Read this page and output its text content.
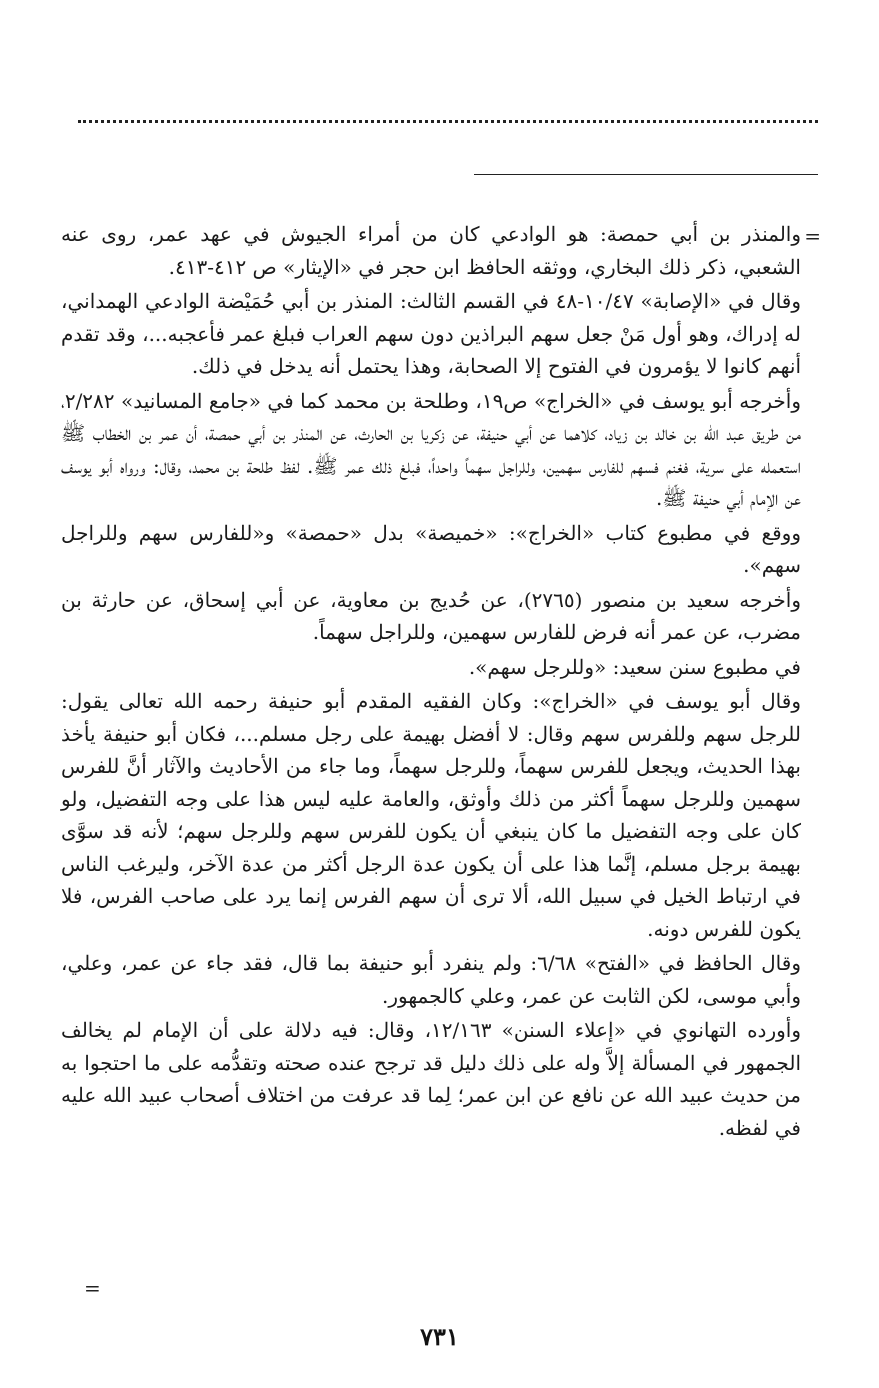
=

والمنذر بن أبي حمصة: هو الوادعي كان من أمراء الجيوش في عهد عمر، روى عنه الشعبي، ذكر ذلك البخاري، ووثقه الحافظ ابن حجر في «الإيثار» ص ٤١٢-٤١٣.

وقال في «الإصابة» ١٠/٤٧-٤٨ في القسم الثالث: المنذر بن أبي حُمَيْضة الوادعي الهمداني، له إدراك، وهو أول مَنْ جعل سهم البراذين دون سهم العراب فبلغ عمر فأعجبه...، وقد تقدم أنهم كانوا لا يؤمرون في الفتوح إلا الصحابة، وهذا يحتمل أنه يدخل في ذلك.

وأخرجه أبو يوسف في «الخراج» ص١٩، وطلحة بن محمد كما في «جامع المسانيد» ٢/٢٨٢، من طريق عبد الله بن خالد بن زياد، كلاهما عن أبي حنيفة، عن زكريا بن الحارث، عن المنذر بن أبي حمصة، أن عمر بن الخطاب ﷺ استعمله على سرية، فغنم فسهم للفارس سهمين، وللراجل سهماً واحداً، فبلغ ذلك عمر ﷺ. لفظ طلحة بن محمد، وقال: ورواه أبو يوسف عن الإمام أبي حنيفة ﷺ.

ووقع في مطبوع كتاب «الخراج»: «خميصة» بدل «حمصة» و«للفارس سهم وللراجل سهم».

وأخرجه سعيد بن منصور (٢٧٦٥)، عن حُديج بن معاوية، عن أبي إسحاق، عن حارثة بن مضرب، عن عمر أنه فرض للفارس سهمين، وللراجل سهماً.

في مطبوع سنن سعيد: «وللرجل سهم».

وقال أبو يوسف في «الخراج»: وكان الفقيه المقدم أبو حنيفة رحمه الله تعالى يقول: للرجل سهم وللفرس سهم وقال: لا أفضل بهيمة على رجل مسلم...، فكان أبو حنيفة يأخذ بهذا الحديث، ويجعل للفرس سهماً، وللرجل سهماً، وما جاء من الأحاديث والآثار أنَّ للفرس سهمين وللرجل سهماً أكثر من ذلك وأوثق، والعامة عليه ليس هذا على وجه التفضيل، ولو كان على وجه التفضيل ما كان ينبغي أن يكون للفرس سهم وللرجل سهم؛ لأنه قد سوَّى بهيمة برجل مسلم، إنَّما هذا على أن يكون عدة الرجل أكثر من عدة الآخر، وليرغب الناس في ارتباط الخيل في سبيل الله، ألا ترى أن سهم الفرس إنما يرد على صاحب الفرس، فلا يكون للفرس دونه.

وقال الحافظ في «الفتح» ٦/٦٨: ولم ينفرد أبو حنيفة بما قال، فقد جاء عن عمر، وعلي، وأبي موسى، لكن الثابت عن عمر، وعلي كالجمهور.

وأورده التهانوي في «إعلاء السنن» ١٢/١٦٣، وقال: فيه دلالة على أن الإمام لم يخالف الجمهور في المسألة إلاَّ وله على ذلك دليل قد ترجح عنده صحته وتقدُّمه على ما احتجوا به من حديث عبيد الله عن نافع عن ابن عمر؛ لِما قد عرفت من اختلاف أصحاب عبيد الله عليه في لفظه.

=
٧٣١
